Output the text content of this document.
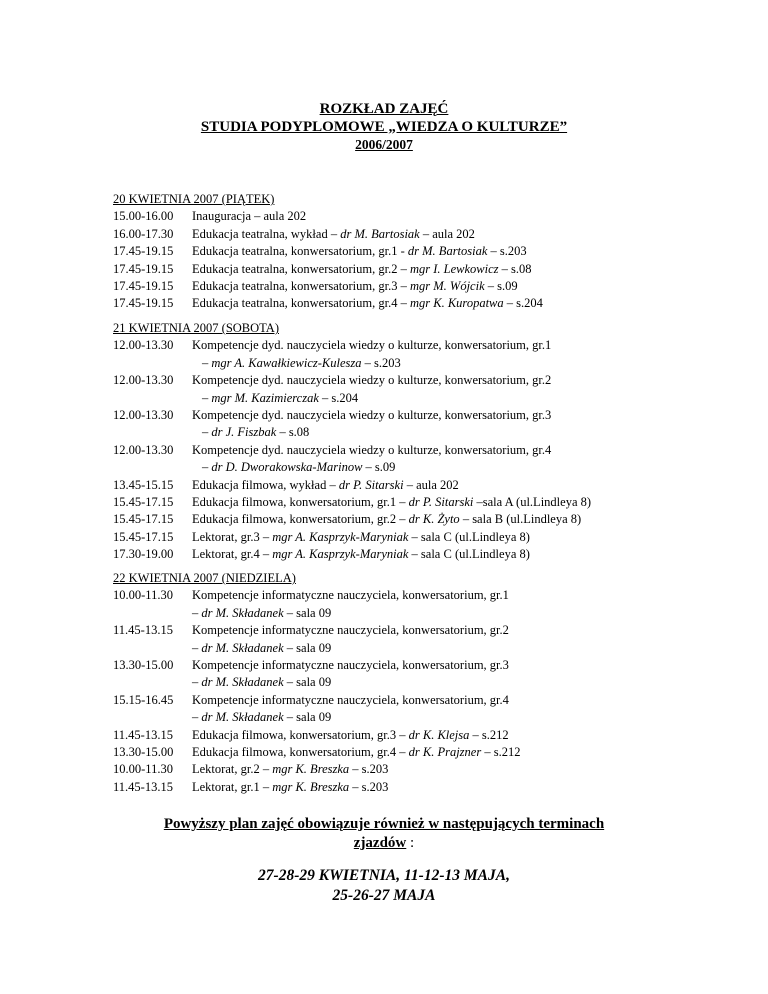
ROZKŁAD ZAJĘĆ
STUDIA PODYPLOMOWE „WIEDZA O KULTURZE”
2006/2007
20 KWIETNIA 2007 (PIĄTEK)
15.00-16.00	Inauguracja – aula 202
16.00-17.30	Edukacja teatralna, wykład – dr M. Bartosiak – aula 202
17.45-19.15	Edukacja teatralna, konwersatorium, gr.1 - dr M. Bartosiak – s.203
17.45-19.15	Edukacja teatralna, konwersatorium, gr.2 – mgr I. Lewkowicz – s.08
17.45-19.15	Edukacja teatralna, konwersatorium, gr.3 – mgr M. Wójcik – s.09
17.45-19.15	Edukacja teatralna, konwersatorium, gr.4 – mgr K. Kuropatwa – s.204
21 KWIETNIA 2007 (SOBOTA)
12.00-13.30	Kompetencje dyd. nauczyciela wiedzy o kulturze, konwersatorium, gr.1
– mgr A. Kawałkiewicz-Kulesza – s.203
12.00-13.30	Kompetencje dyd. nauczyciela wiedzy o kulturze, konwersatorium, gr.2
– mgr M. Kazimierczak – s.204
12.00-13.30	Kompetencje dyd. nauczyciela wiedzy o kulturze, konwersatorium, gr.3
– dr J. Fiszbak – s.08
12.00-13.30	Kompetencje dyd. nauczyciela wiedzy o kulturze, konwersatorium, gr.4
– dr D. Dworakowska-Marinow – s.09
13.45-15.15	Edukacja filmowa, wykład – dr P. Sitarski – aula 202
15.45-17.15	Edukacja filmowa, konwersatorium, gr.1 – dr P. Sitarski –sala A (ul.Lindleya 8)
15.45-17.15	Edukacja filmowa, konwersatorium, gr.2 – dr K. Żyto – sala B (ul.Lindleya 8)
15.45-17.15	Lektorat, gr.3 – mgr A. Kasprzyk-Maryniak – sala C (ul.Lindleya 8)
17.30-19.00	Lektorat, gr.4 – mgr A. Kasprzyk-Maryniak – sala C (ul.Lindleya 8)
22 KWIETNIA 2007 (NIEDZIELA)
10.00-11.30	Kompetencje informatyczne nauczyciela, konwersatorium, gr.1
– dr M. Składanek – sala 09
11.45-13.15	Kompetencje informatyczne nauczyciela, konwersatorium, gr.2
– dr M. Składanek – sala 09
13.30-15.00	Kompetencje informatyczne nauczyciela, konwersatorium, gr.3
– dr M. Składanek – sala 09
15.15-16.45	Kompetencje informatyczne nauczyciela, konwersatorium, gr.4
– dr M. Składanek – sala 09
11.45-13.15	Edukacja filmowa, konwersatorium, gr.3 – dr K. Klejsa – s.212
13.30-15.00	Edukacja filmowa, konwersatorium, gr.4 – dr K. Prajzner – s.212
10.00-11.30	Lektorat, gr.2 – mgr K. Breszka – s.203
11.45-13.15	Lektorat, gr.1 – mgr K. Breszka – s.203
Powyższy plan zajęć obowiązuje również w następujących terminach
zjazdów :
27-28-29 KWIETNIA, 11-12-13 MAJA,
25-26-27 MAJA
